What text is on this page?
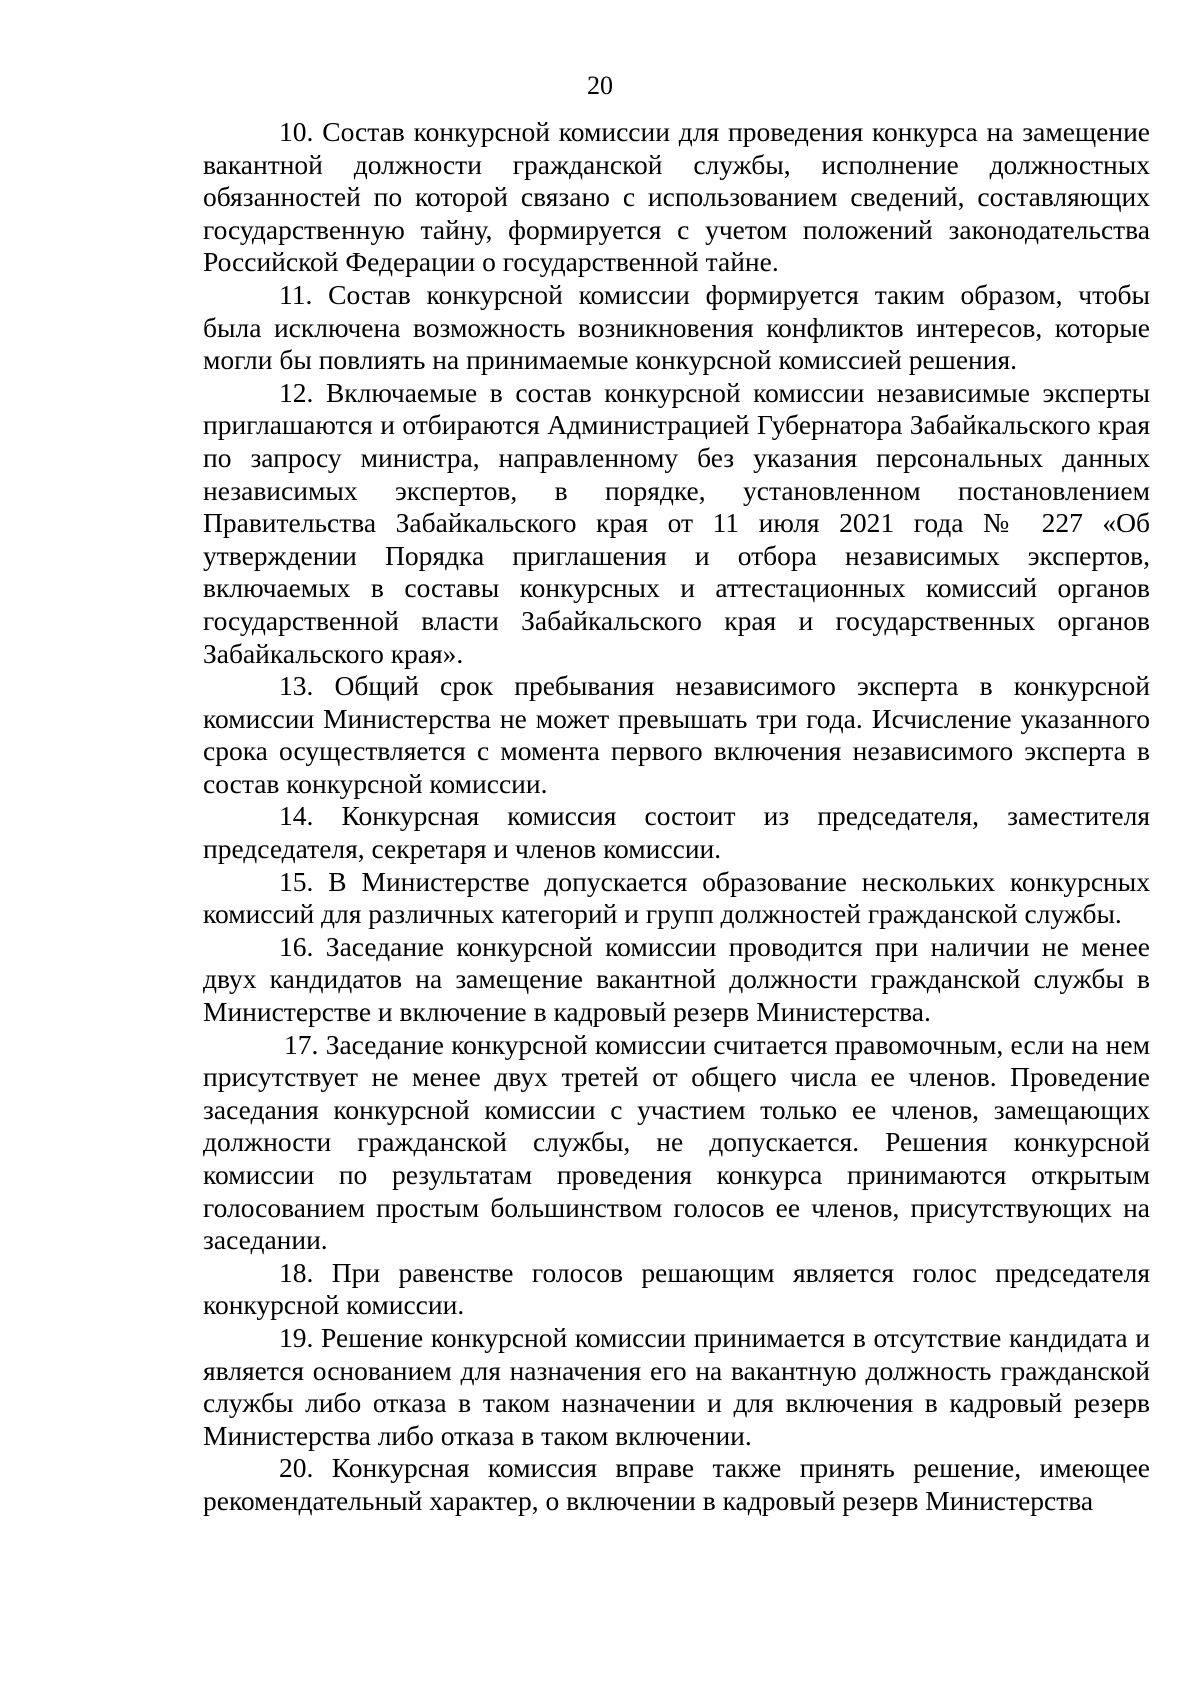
20

10. Состав конкурсной комиссии для проведения конкурса на замещение вакантной должности гражданской службы, исполнение должностных обязанностей по которой связано с использованием сведений, составляющих государственную тайну, формируется с учетом положений законодательства Российской Федерации о государственной тайне.

11. Состав конкурсной комиссии формируется таким образом, чтобы была исключена возможность возникновения конфликтов интересов, которые могли бы повлиять на принимаемые конкурсной комиссией решения.

12. Включаемые в состав конкурсной комиссии независимые эксперты приглашаются и отбираются Администрацией Губернатора Забайкальского края по запросу министра, направленному без указания персональных данных независимых экспертов, в порядке, установленном постановлением Правительства Забайкальского края от 11 июля 2021 года № 227 «Об утверждении Порядка приглашения и отбора независимых экспертов, включаемых в составы конкурсных и аттестационных комиссий органов государственной власти Забайкальского края и государственных органов Забайкальского края».

13. Общий срок пребывания независимого эксперта в конкурсной комиссии Министерства не может превышать три года. Исчисление указанного срока осуществляется с момента первого включения независимого эксперта в состав конкурсной комиссии.

14. Конкурсная комиссия состоит из председателя, заместителя председателя, секретаря и членов комиссии.

15. В Министерстве допускается образование нескольких конкурсных комиссий для различных категорий и групп должностей гражданской службы.

16. Заседание конкурсной комиссии проводится при наличии не менее двух кандидатов на замещение вакантной должности гражданской службы в Министерстве и включение в кадровый резерв Министерства.

17. Заседание конкурсной комиссии считается правомочным, если на нем присутствует не менее двух третей от общего числа ее членов. Проведение заседания конкурсной комиссии с участием только ее членов, замещающих должности гражданской службы, не допускается. Решения конкурсной комиссии по результатам проведения конкурса принимаются открытым голосованием простым большинством голосов ее членов, присутствующих на заседании.

18. При равенстве голосов решающим является голос председателя конкурсной комиссии.

19. Решение конкурсной комиссии принимается в отсутствие кандидата и является основанием для назначения его на вакантную должность гражданской службы либо отказа в таком назначении и для включения в кадровый резерв Министерства либо отказа в таком включении.

20. Конкурсная комиссия вправе также принять решение, имеющее рекомендательный характер, о включении в кадровый резерв Министерства
